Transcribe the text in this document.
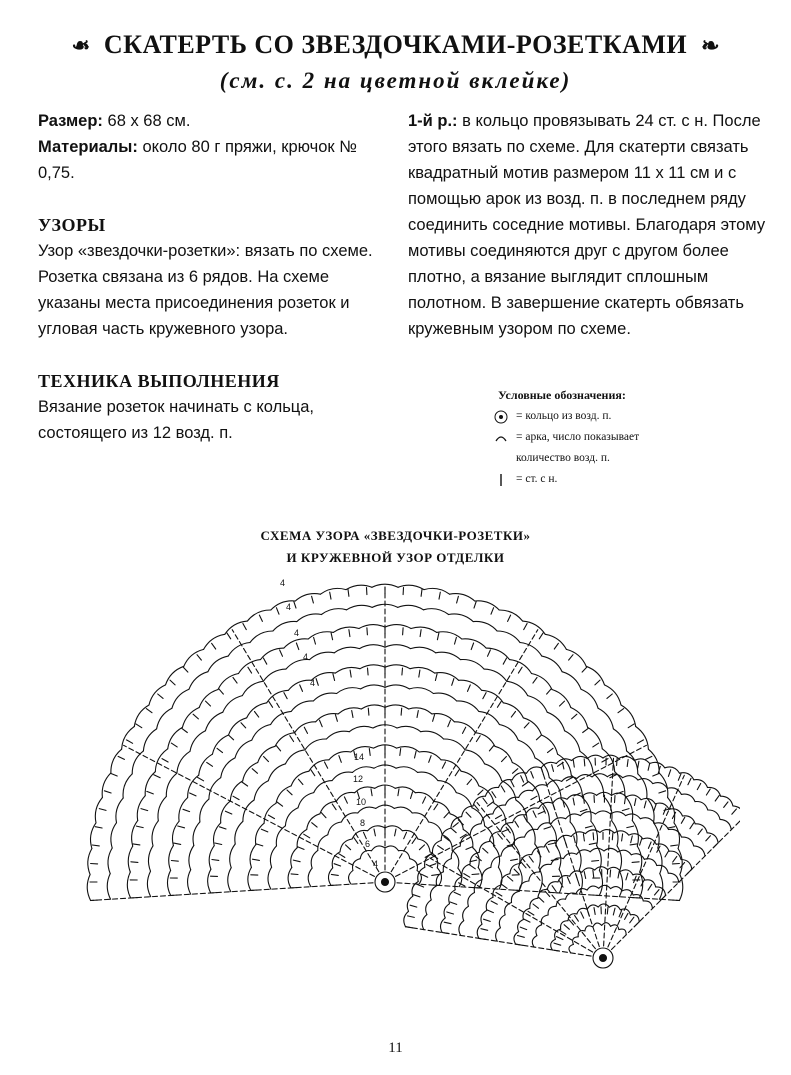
❧ СКАТЕРТЬ СО ЗВЕЗДОЧКАМИ-РОЗЕТКАМИ ❧
(см. с. 2 на цветной вклейке)

Размер: 68 х 68 см.

Материалы: около 80 г пряжи, крючок № 0,75.

УЗОРЫ

Узор «звездочки-розетки»: вязать по схеме. Розетка связана из 6 рядов. На схеме указаны места присоединения розеток и угловая часть кружевного узора.

ТЕХНИКА ВЫПОЛНЕНИЯ

Вязание розеток начинать с кольца, состоящего из 12 возд. п.

1-й р.: в кольцо провязывать 24 ст. с н. После этого вязать по схеме. Для скатерти связать квадратный мотив размером 11 х 11 см и с помощью арок из возд. п. в последнем ряду соединить соседние мотивы. Благодаря этому мотивы соединяются друг с другом более плотно, а вязание выглядит сплошным полотном. В завершение скатерть обвязать кружевным узором по схеме.

Условные обозначения:
= кольцо из возд. п.
= арка, число показывает
количество возд. п.
= ст. с н.
СХЕМА УЗОРА «ЗВЕЗДОЧКИ-РОЗЕТКИ»
И КРУЖЕВНОЙ УЗОР ОТДЕЛКИ
4
6
8
10
12
14
4
4
4
4
4
11
